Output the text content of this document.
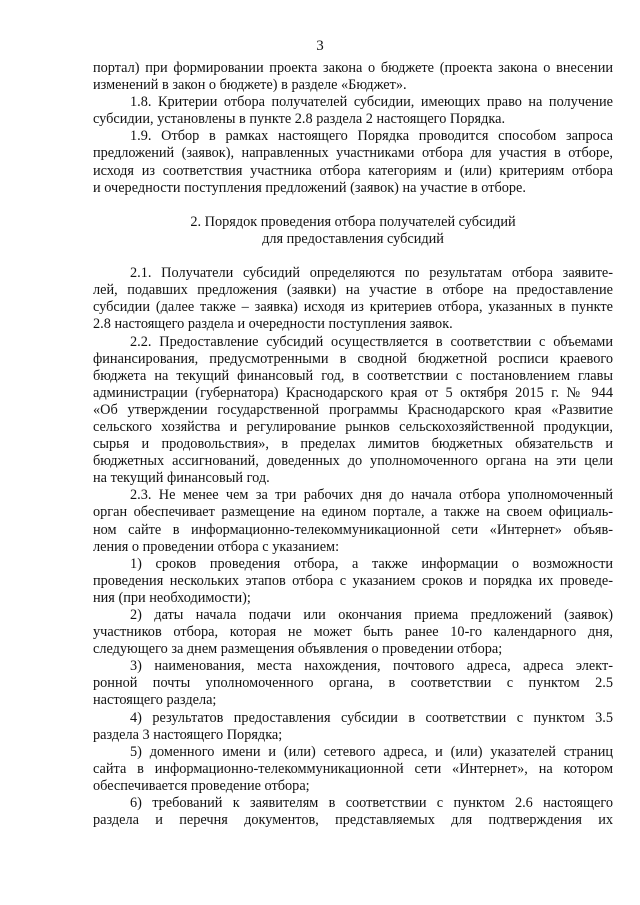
3
портал) при формировании проекта закона о бюджете (проекта закона о внесении
изменений в закон о бюджете) в разделе «Бюджет».
1.8. Критерии отбора получателей субсидии, имеющих право на получение
субсидии, установлены в пункте 2.8 раздела 2 настоящего Порядка.
1.9. Отбор в рамках настоящего Порядка проводится способом запроса
предложений (заявок), направленных участниками отбора для участия в отборе,
исходя из соответствия участника отбора категориям и (или) критериям отбора
и очередности поступления предложений (заявок) на участие в отборе.
2. Порядок проведения отбора получателей субсидий
для предоставления субсидий
2.1. Получатели субсидий определяются по результатам отбора заявите-
лей, подавших предложения (заявки) на участие в отборе на предоставление
субсидии (далее также – заявка) исходя из критериев отбора, указанных в пункте
2.8 настоящего раздела и очередности поступления заявок.
2.2. Предоставление субсидий осуществляется в соответствии с объемами
финансирования, предусмотренными в сводной бюджетной росписи краевого
бюджета на текущий финансовый год, в соответствии с постановлением главы
администрации (губернатора) Краснодарского края от 5 октября 2015 г. № 944
«Об утверждении государственной программы Краснодарского края «Развитие
сельского хозяйства и регулирование рынков сельскохозяйственной продукции,
сырья и продовольствия», в пределах лимитов бюджетных обязательств и
бюджетных ассигнований, доведенных до уполномоченного органа на эти цели
на текущий финансовый год.
2.3. Не менее чем за три рабочих дня до начала отбора уполномоченный
орган обеспечивает размещение на едином портале, а также на своем официаль-
ном сайте в информационно-телекоммуникационной сети «Интернет» объяв-
ления о проведении отбора с указанием:
1) сроков проведения отбора, а также информации о возможности
проведения нескольких этапов отбора с указанием сроков и порядка их проведе-
ния (при необходимости);
2) даты начала подачи или окончания приема предложений (заявок)
участников отбора, которая не может быть ранее 10-го календарного дня,
следующего за днем размещения объявления о проведении отбора;
3) наименования, места нахождения, почтового адреса, адреса элект-
ронной почты уполномоченного органа, в соответствии с пунктом 2.5
настоящего раздела;
4) результатов предоставления субсидии в соответствии с пунктом 3.5
раздела 3 настоящего Порядка;
5) доменного имени и (или) сетевого адреса, и (или) указателей страниц
сайта в информационно-телекоммуникационной сети «Интернет», на котором
обеспечивается проведение отбора;
6) требований к заявителям в соответствии с пунктом 2.6 настоящего
раздела и перечня документов, представляемых для подтверждения их
